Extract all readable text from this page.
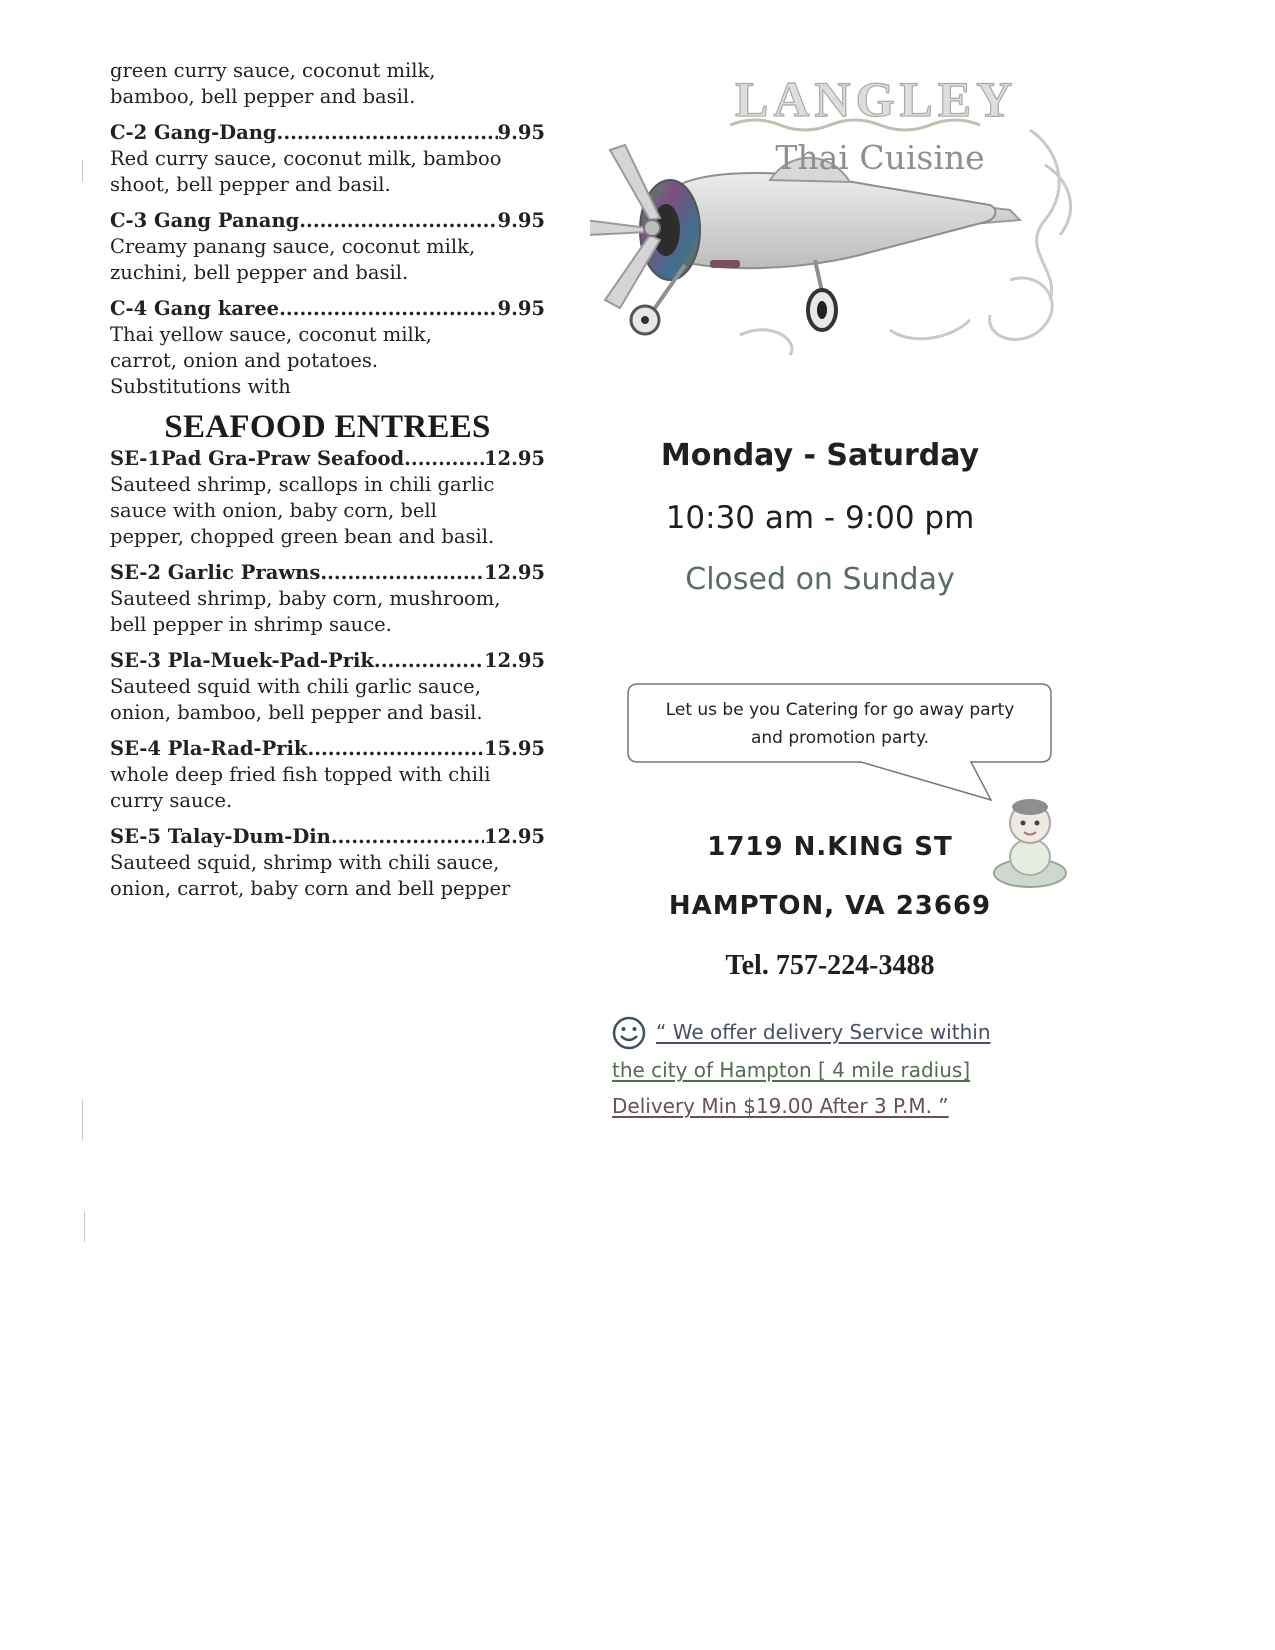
green curry sauce, coconut milk,
bamboo, bell pepper and basil.
C-2 Gang-Dang .....	9.95
Red curry sauce, coconut milk, bamboo
shoot, bell pepper and basil.
C-3 Gang Panang .....	9.95
Creamy panang sauce, coconut milk,
zuchini, bell pepper and basil.
C-4 Gang karee .....	9.95
Thai yellow sauce, coconut milk,
carrot, onion and potatoes.
Substitutions with
SEAFOOD ENTREES
SE-1Pad Gra-Praw Seafood .....	12.95
Sauteed shrimp, scallops in chili garlic
sauce with onion, baby corn, bell
pepper, chopped green bean and basil.
SE-2 Garlic Prawns .....	12.95
Sauteed shrimp, baby corn, mushroom,
bell pepper in shrimp sauce.
SE-3 Pla-Muek-Pad-Prik .....	12.95
Sauteed squid with chili garlic sauce,
onion, bamboo, bell pepper and basil.
SE-4 Pla-Rad-Prik .....	15.95
whole deep fried fish topped with chili
curry sauce.
SE-5 Talay-Dum-Din .....	12.95
Sauteed squid, shrimp with chili sauce,
onion, carrot, baby corn and bell pepper
LANGLEY
Thai Cuisine
Monday - Saturday
10:30 am - 9:00 pm
Closed on Sunday
Let us be you Catering for go away party
and promotion party.
1719 N.KING ST
HAMPTON, VA 23669
Tel. 757-224-3488
“ We offer delivery Service within
the city of Hampton [ 4 mile radius]
Delivery Min $19.00 After 3 P.M. ”
